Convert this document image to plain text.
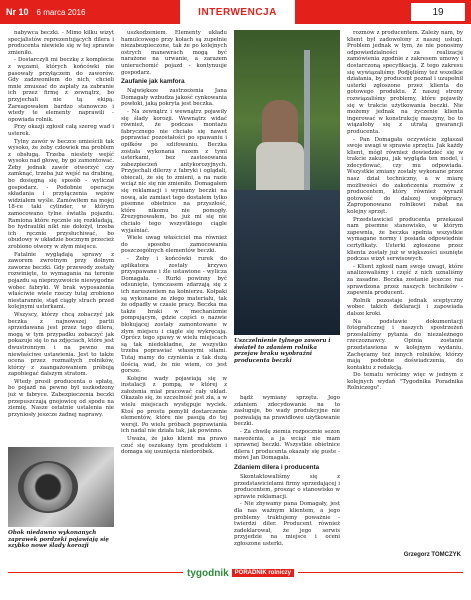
Nr 10 6 marca 2016	INTERWENCJA	19

nabywca beczki. - Mimo kilku wizyt specjalistów reprezentujących dilera i producenta niewiele się w tej sprawie zmieniło.

- Dostarczyli mi beczkę z komplecie z węzami, których końcówki nie pasowały przyłączem do zaworów. Gdy zadzwoniłem do nich, chcieli mnie zmuszać do zapłaty za zabranie ich przez firmę z zewnątrz, bo przyjechali nie tą ekipą. Zareagowałem bardzo stanowczo i wtedy te elementy naprawili - opowiada rolnik.

Przy okazji zgłosił całą szereg wad i usterek.

Tylny zawór w beczce umieścili tak wysoko, że żeby człowiek ma problem z obsługą. Trzeba niestety wejść wysoko nad głowę, by go zamontować. Żeby jednak zawór otworzyć czy zamknąć, trzeba już wejść na drabinę, bo dosięgną się sposób - wyliczał gospodarz. - Podobnie operacje składania i przyłączenia wężów widziałem wyśle. Zamówiłem na mojej 18-ce taki cylinder, w którym zamocowano tylne światła pojazdu. Ramiona które ręcznie się rozkładają, bo hydrauliki nikt nie dołożył, trzeba ich ręcznie przysłuchiwać, bo obudowy w układzie bocznym przecież zrobiono otwory w złym miejscu.

Fatalnie wyglądają sprawy z zaworem zwrotnym przy dolnym zaworze beczki. Gdy przewody zostały rozwinięte, to wymagania na terenie pojazdu są nieprzyzwoicie niewygodne wobec fabryki. W brak wyposażenia właściwie wiele rzeczy tutaj zrobiono niestarannie, stąd ciągły strach przed kolejnymi usterkami.

Wszyscy, którzy chcą zobaczyć jak beczka z najnowszej partii sprzedawana jest przez tego dilera, mogą w tym przypadku zobaczyć jak pokazuje się to na zdjęciach, które jest dwustronnym i na pewno ma niewłaściwe ustawienia. Jest to także ocena przez rozmaitych rolników, którzy z zaangażowaniem próbują zapobiegać dalszym stratom.

Wtedy prosił producenta o spłatę, bo pojazd na pewno był uszkodzony już w fabryce. Zabezpieczenia beczki przepuszczają gnojowicę od spodu na ziemię. Nasze ostatnie ustalenia nie przyniosły jeszcze żadnej naprawy.

Obok niedawno wykonanych zaprawek pordzeki pojawiają się szybko nowe ślady korozji

uszkodzeniem. Elementy układu hamulcowego przy kołach są zupełnie niezabezpieczone, tak że po kolejnych ostrych manewrach mogą być narażone na urwanie, a zarazem unieruchomić pojazd - kontynuuje gospodarz.

Zaufanie jak kamfora

Największe zastrzeżenia Jana Domagały wzbudza jakość cynkowania powłoki, jaką pokryta jest beczka.

- Na zewnątrz i wewnątrz pojawiły się ślady korozji. Wewnątrz widać również, że podczas montażu fabrycznego nie chciało się nawet poprawiać pozostałości po spawaniu i opiłków po szlifowaniu. Beczka została wykonana razem z tymi usterkami, bez zastosowania zabezpieczeń antykorozyjnych. Przyjechali dilerzy z fabryki i oglądali, obiecali, że się to zmieni, a na razie wciąż nic się nie zmieniło. Domagałem się reklamacji i wymiany beczki na nową, ale zamiast tego dostałem tylko pisemne obietnice na przyszłość, które nikomu nie pomogły. Zrezygnowałem, bo już mi się nie chciało tego wszystkiego ciągle wyjaśniać.

Wiele uwag właściciel ma również do sposobu zamocowania poszczególnych elementów beczki.

- Żeby i końcówki rurek do aplikatora zostały krzywo przyspawane i źle ustawione - wylicza Domagała. - Rurki powinny być odsunięte, tymczasem zdarzają się z ich naruszeniem na kołnierzu. Kołpaki są wykonane ze złego materiału, tak że odpadły w czasie pracy. Beczka ma także braki w mechanizmie pompującym, gdzie części o nazwie blokującej zostały zamontowane w złym miejscu i ciągle się wykręcają. Oprócz tego spawy w wielu miejscach są tak niedokładne, że wszystko trzeba poprawiać własnymi siłami. Tutaj mamy do czynienia z tak dużą ilością wad, że nie wiem, co jest gorsze.

Kolejne wady pojawiają się w instalacji z pompą, w której z założenia miał pracować cały układ. Okazało się, że szczelność jest zła, a w wielu miejscach występuje wyciek. Ktoś po prostu pomylił dostarczenie elementów, które nie pasują do tej wersji. Po wielu próbach poprawiania ich nadal nie działa tak, jak powinno.

Uważa, że jako klient ma prawo czuć się oszukany tym produktem i domaga się usunięcia niedoróbek.

Uszczelnienie tylnego zaworu i świateł to zdaniem rolnika przejaw braku wyobraźni producenta beczki

bądź wymiany sprzętu. Jego zdaniem zdecydowanie na to zasługuje, bo wady produkcyjne nie pozwalają na prawidłowe użytkowanie beczki.

- Za chwilę ziemia rozpocznie sezon nawożenia, a ja wciąż nie mam sprawnej beczki. Wszystkie obietnice dilera i producenta okazały się puste - mówi Jan Domagała.

Zdaniem dilera i producenta

Skontaktowaliśmy się z przedstawicielami firmy sprzedającej i producentem, prosząc o stanowisko w sprawie reklamacji.

- Nie zbywamy pana Domagały, jest dla nas ważnym klientem, a jego problemy traktujemy poważnie - twierdzi diler. Producent również zadeklarował, że jego serwis przyjedzie na miejsce i oceni zgłoszone usterki.

rozmów z producentem. Zależy nam, by klient był zadowolony z naszej usługi. Problem jednak w tym, że nie ponosimy odpowiedzialności za realizację zamówienia zgodnie z zakresem umowy i dostarczoną specyfikacją. Z tego zakresu się wywiązaliśmy. Podjęliśmy też wszelkie działania, by producent poznał i uzupełnił usterki zgłoszone przez klienta do gotowego produktu. Z naszej strony rozwiązaliśmy problemy, które pojawiły się w trakcie użytkowania beczki. Nie możemy jednak na życzenie klienta ingerować w konstrukcję maszyny, bo to wiązałoby się z utratą gwarancji producenta.

- Pan Domagała oczywiście zgłaszał swoje uwagi w sprawie sprzętu. Jak każdy klient, mógł również dowiedzieć się w trakcie zakupu, jak wygląda ten model, i zdecydować, czy mu odpowiada. Wszystkie zmiany zostały wykonane przez nasz dział techniczny, a w miarę możliwości do zakończenia rozmów z producentem, który również wyraził gotowość do dalszej współpracy. Zaproponowano rolnikowi rabat na kolejny sprzęt.

Przedstawiciel producenta przekazał nam pisemne stanowisko, w którym zapewnia, że beczka spełnia wszystkie wymagane normy i posiada odpowiednie certyfikaty. Usterki zgłoszone przez klienta zostały już w większości usunięte podczas wizyt serwisowych.

- Klient zgłosił nam swoje uwagi, które analizowaliśmy i część z nich uznaliśmy za zasadne. Beczka zostanie jeszcze raz sprawdzona przez naszych techników - zapewnia producent.

Rolnik pozostaje jednak sceptyczny wobec takich deklaracji i zapowiada dalsze kroki.

Na podstawie dokumentacji fotograficznej i naszych spostrzeżeń przesłaliśmy pytania do niezależnego rzeczoznawcy. Opinia zostanie przedstawiona w kolejnym wydaniu. Zachęcamy też innych rolników, którzy mają podobne doświadczenia, do kontaktu z redakcją.

Do tematu wrócimy więc w jednym z kolejnych wydań "Tygodnika Poradnika Rolniczego".

Grzegorz TOMCZYK
tygodnik	PORADNIK rolniczy
